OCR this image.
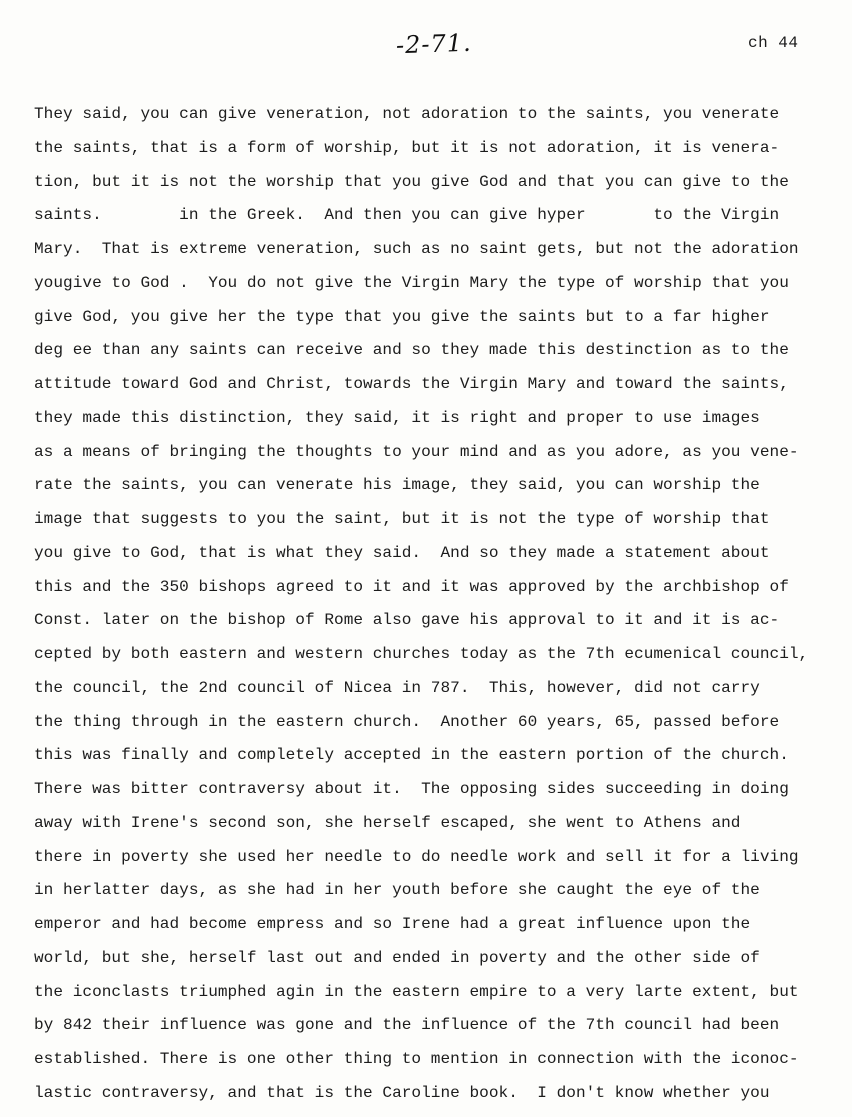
-2-71.	ch 44
They said, you can give veneration, not adoration to the saints, you venerate
the saints, that is a form of worship, but it is not adoration, it is venera-
tion, but it is not the worship that you give God and that you can give to the
saints.        in the Greek.  And then you can give hyper       to the Virgin
Mary.  That is extreme veneration, such as no saint gets, but not the adoration
yougive to God .  You do not give the Virgin Mary the type of worship that you
give God, you give her the type that you give the saints but to a far higher
deg ee than any saints can receive and so they made this destinction as to the
attitude toward God and Christ, towards the Virgin Mary and toward the saints,
they made this distinction, they said, it is right and proper to use images
as a means of bringing the thoughts to your mind and as you adore, as you vene-
rate the saints, you can venerate his image, they said, you can worship the
image that suggests to you the saint, but it is not the type of worship that
you give to God, that is what they said.  And so they made a statement about
this and the 350 bishops agreed to it and it was approved by the archbishop of
Const. later on the bishop of Rome also gave his approval to it and it is ac-
cepted by both eastern and western churches today as the 7th ecumenical council,
the council, the 2nd council of Nicea in 787.  This, however, did not carry
the thing through in the eastern church.  Another 60 years, 65, passed before
this was finally and completely accepted in the eastern portion of the church.
There was bitter contraversy about it.  The opposing sides succeeding in doing
away with Irene's second son, she herself escaped, she went to Athens and
there in poverty she used her needle to do needle work and sell it for a living
in herlatter days, as she had in her youth before she caught the eye of the
emperor and had become empress and so Irene had a great influence upon the
world, but she, herself last out and ended in poverty and the other side of
the iconclasts triumphed agin in the eastern empire to a very larte extent, but
by 842 their influence was gone and the influence of the 7th council had been
established. There is one other thing to mention in connection with the iconoc-
lastic contraversy, and that is the Caroline book.  I don't know whether you
